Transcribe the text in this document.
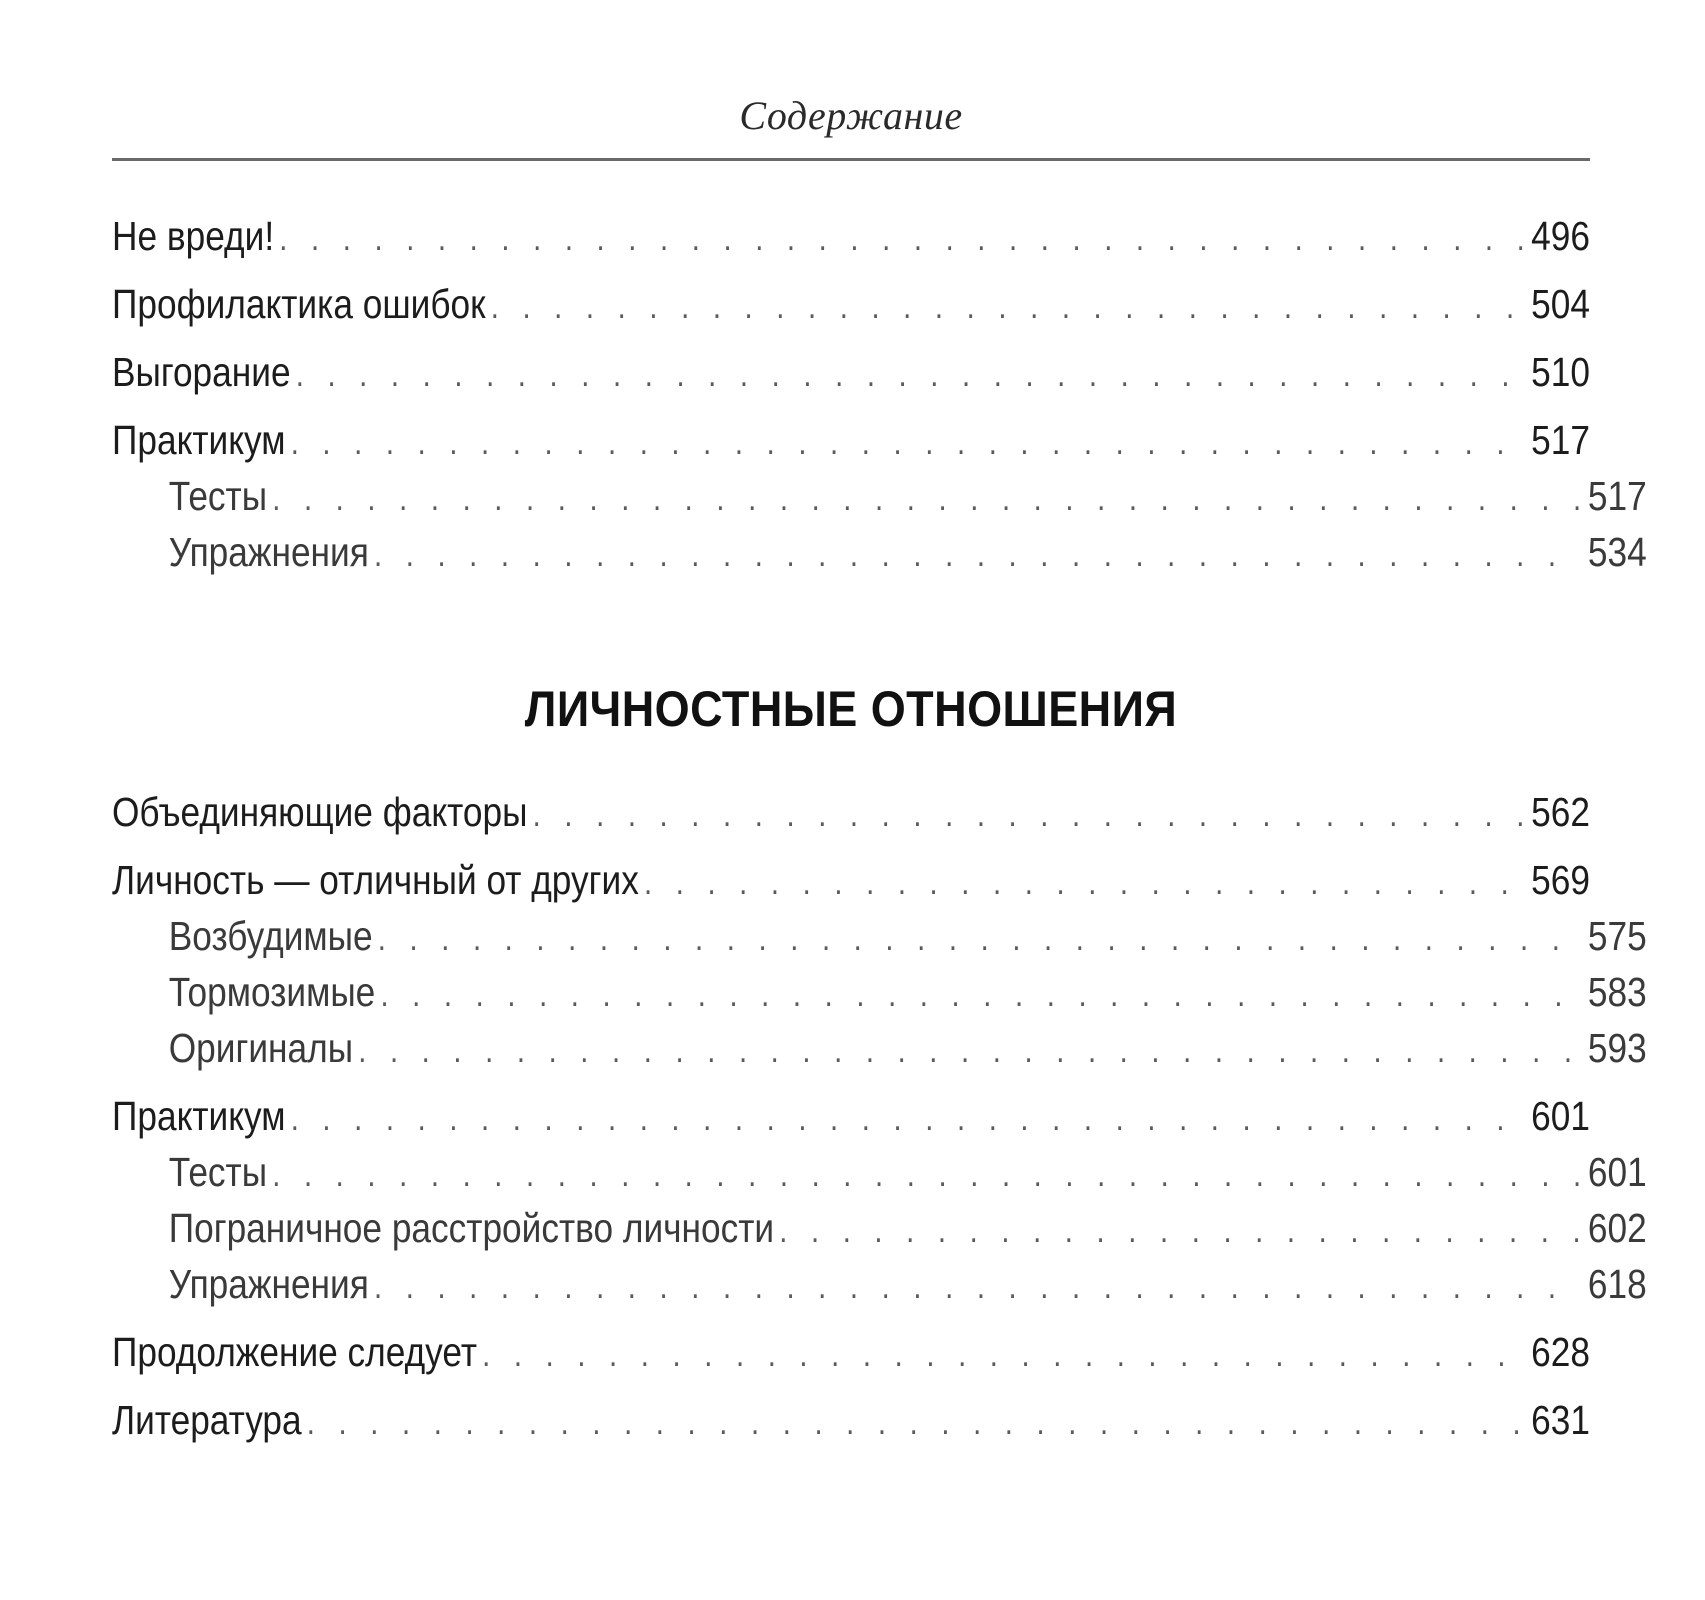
Содержание
Не вреди! . . .	496
Профилактика ошибок . . .	504
Выгорание . . .	510
Практикум . . .	517
Тесты . . .	517
Упражнения . . .	534
ЛИЧНОСТНЫЕ ОТНОШЕНИЯ
Объединяющие факторы . . .	562
Личность — отличный от других . . .	569
Возбудимые . . .	575
Тормозимые . . .	583
Оригиналы . . .	593
Практикум . . .	601
Тесты . . .	601
Пограничное расстройство личности . . .	602
Упражнения . . .	618
Продолжение следует . . .	628
Литература . . .	631
